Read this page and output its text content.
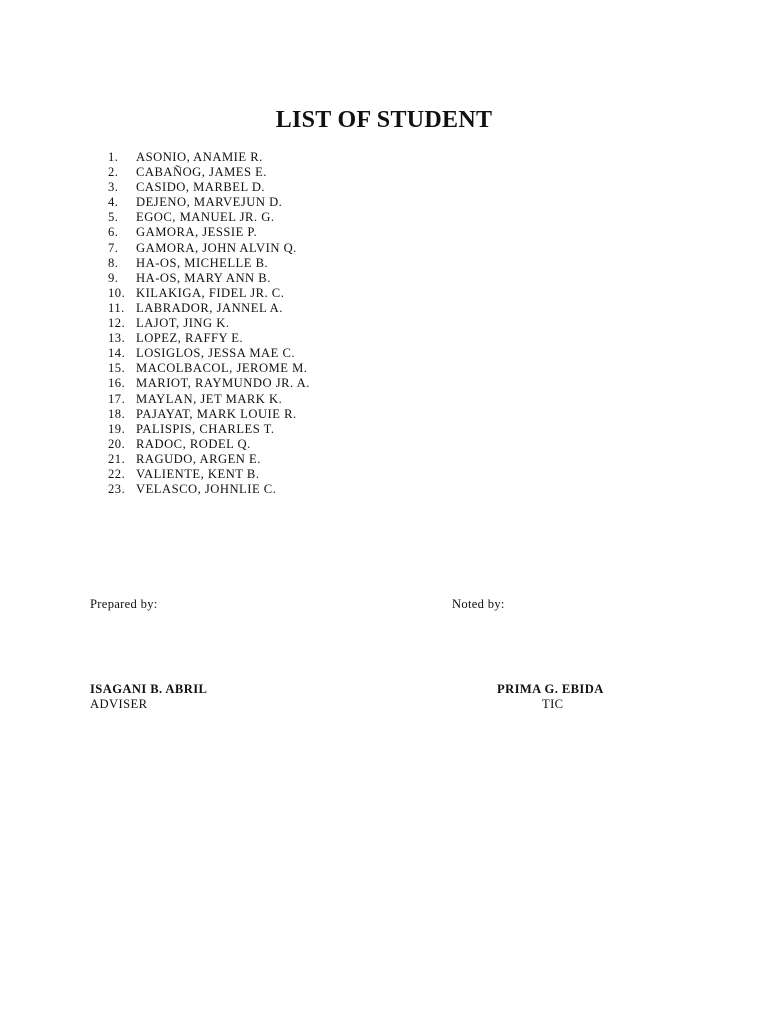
LIST OF STUDENT
1.	ASONIO, ANAMIE R.
2.	CABAÑOG, JAMES E.
3.	CASIDO, MARBEL D.
4.	DEJENO, MARVEJUN D.
5.	EGOC, MANUEL JR. G.
6.	GAMORA, JESSIE P.
7.	GAMORA, JOHN ALVIN Q.
8.	HA-OS, MICHELLE B.
9.	HA-OS, MARY ANN B.
10. KILAKIGA, FIDEL JR. C.
11. LABRADOR, JANNEL A.
12. LAJOT, JING K.
13. LOPEZ, RAFFY E.
14. LOSIGLOS, JESSA MAE C.
15. MACOLBACOL, JEROME M.
16. MARIOT, RAYMUNDO JR. A.
17. MAYLAN, JET MARK K.
18. PAJAYAT, MARK LOUIE R.
19. PALISPIS, CHARLES T.
20. RADOC, RODEL Q.
21. RAGUDO, ARGEN E.
22. VALIENTE, KENT B.
23. VELASCO, JOHNLIE C.
Prepared by:	Noted by:
ISAGANI B. ABRIL
ADVISER
PRIMA G. EBIDA
TIC
